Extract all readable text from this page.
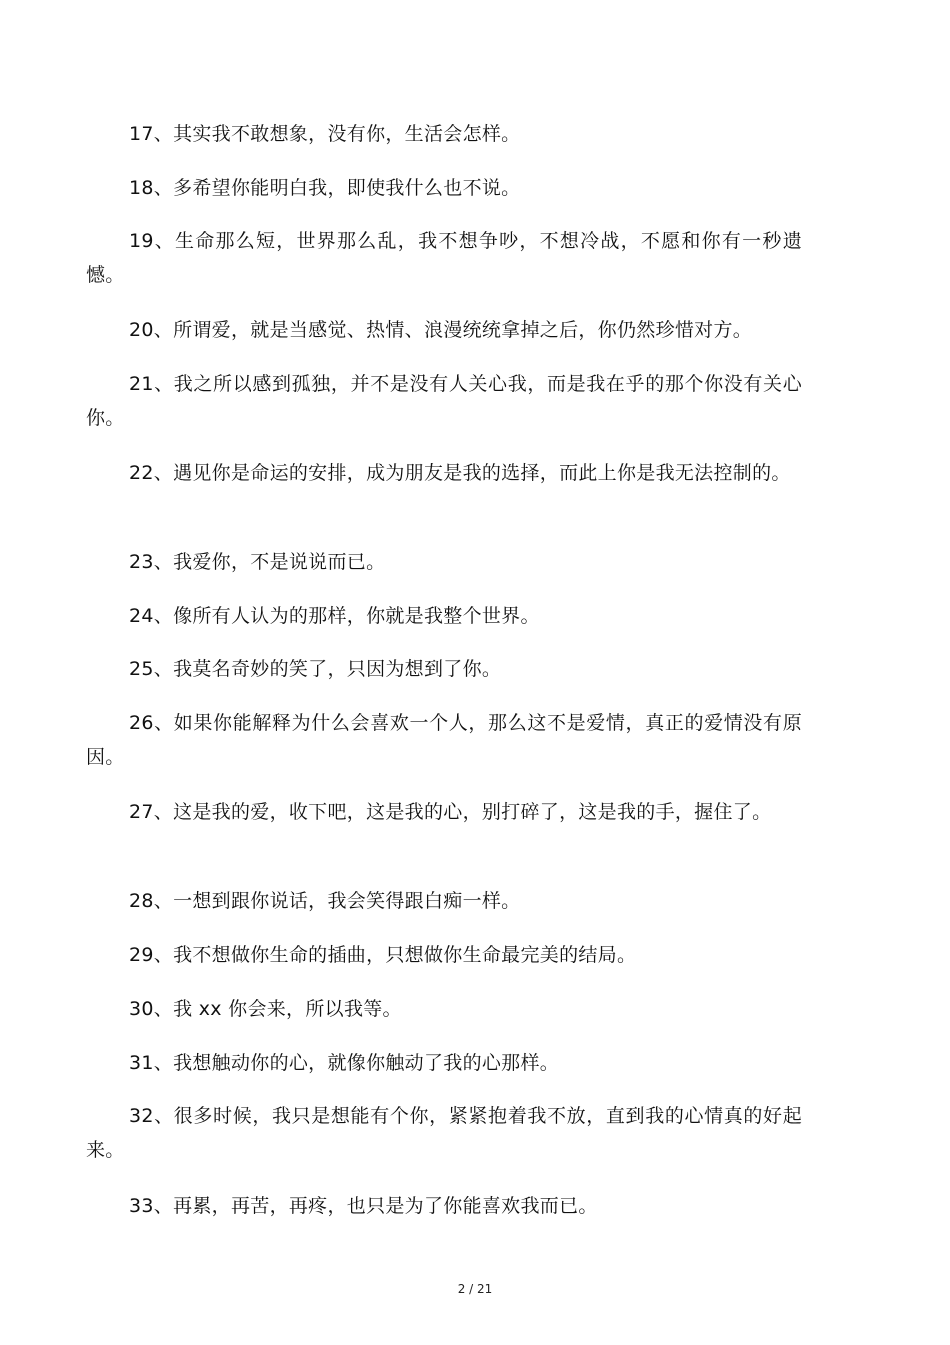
17、其实我不敢想象，没有你，生活会怎样。

18、多希望你能明白我，即使我什么也不说。

19、生命那么短，世界那么乱，我不想争吵，不想冷战，不愿和你有一秒遗憾。

20、所谓爱，就是当感觉、热情、浪漫统统拿掉之后，你仍然珍惜对方。

21、我之所以感到孤独，并不是没有人关心我，而是我在乎的那个你没有关心你。

22、遇见你是命运的安排，成为朋友是我的选择，而此上你是我无法控制的。

23、我爱你，不是说说而已。

24、像所有人认为的那样，你就是我整个世界。

25、我莫名奇妙的笑了，只因为想到了你。

26、如果你能解释为什么会喜欢一个人，那么这不是爱情，真正的爱情没有原因。

27、这是我的爱，收下吧，这是我的心，别打碎了，这是我的手，握住了。

28、一想到跟你说话，我会笑得跟白痴一样。

29、我不想做你生命的插曲，只想做你生命最完美的结局。

30、我 xx 你会来，所以我等。

31、我想触动你的心，就像你触动了我的心那样。

32、很多时候，我只是想能有个你，紧紧抱着我不放，直到我的心情真的好起来。

33、再累，再苦，再疼，也只是为了你能喜欢我而已。

2 / 21
